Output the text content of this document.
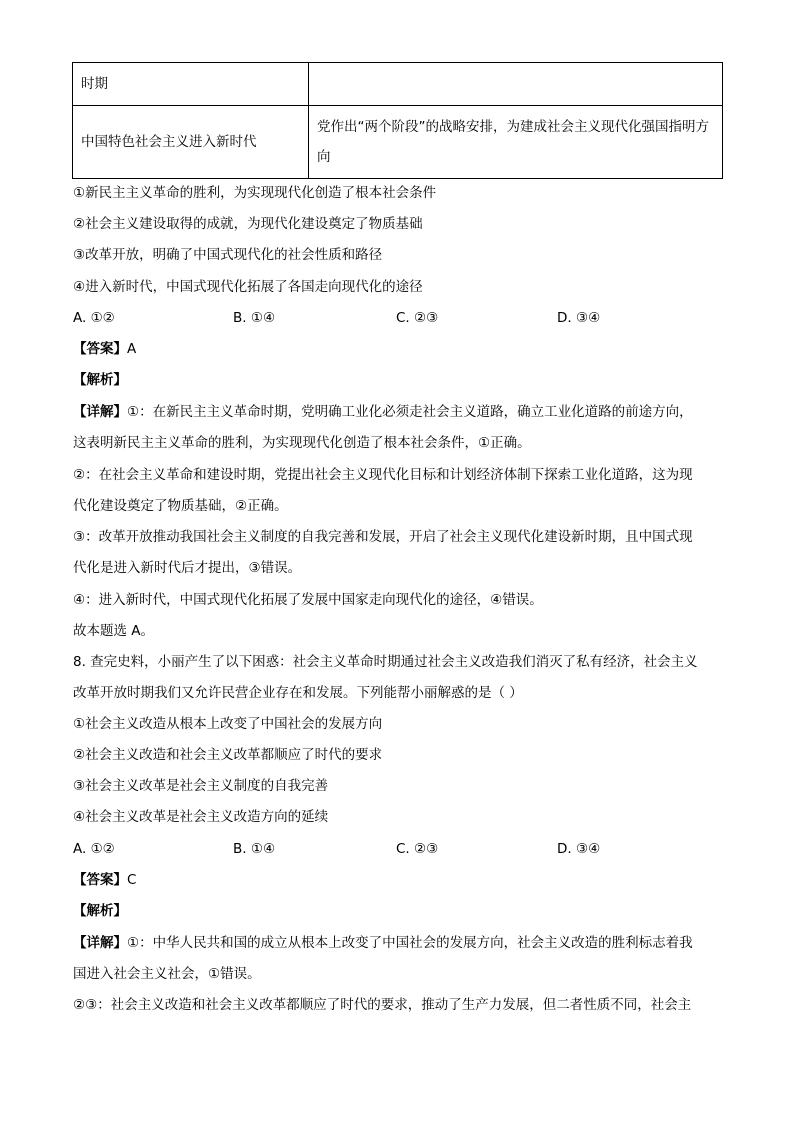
时期	
中国特色社会主义进入新时代	党作出“两个阶段”的战略安排，为建成社会主义现代化强国指明方向
①新民主主义革命的胜利，为实现现代化创造了根本社会条件
②社会主义建设取得的成就，为现代化建设奠定了物质基础
③改革开放，明确了中国式现代化的社会性质和路径
④进入新时代，中国式现代化拓展了各国走向现代化的途径
A. ①②	B. ①④	C. ②③	D. ③④
【答案】A
【解析】
【详解】①：在新民主主义革命时期，党明确工业化必须走社会主义道路，确立工业化道路的前途方向，
这表明新民主主义革命的胜利，为实现现代化创造了根本社会条件，①正确。
②：在社会主义革命和建设时期，党提出社会主义现代化目标和计划经济体制下探索工业化道路，这为现
代化建设奠定了物质基础，②正确。
③：改革开放推动我国社会主义制度的自我完善和发展，开启了社会主义现代化建设新时期，且中国式现
代化是进入新时代后才提出，③错误。
④：进入新时代，中国式现代化拓展了发展中国家走向现代化的途径，④错误。
故本题选 A。
8. 查完史料，小丽产生了以下困惑：社会主义革命时期通过社会主义改造我们消灭了私有经济，社会主义
改革开放时期我们又允许民营企业存在和发展。下列能帮小丽解惑的是（ ）
①社会主义改造从根本上改变了中国社会的发展方向
②社会主义改造和社会主义改革都顺应了时代的要求
③社会主义改革是社会主义制度的自我完善
④社会主义改革是社会主义改造方向的延续
A. ①②	B. ①④	C. ②③	D. ③④
【答案】C
【解析】
【详解】①：中华人民共和国的成立从根本上改变了中国社会的发展方向，社会主义改造的胜利标志着我
国进入社会主义社会，①错误。
②③：社会主义改造和社会主义改革都顺应了时代的要求，推动了生产力发展，但二者性质不同，社会主
